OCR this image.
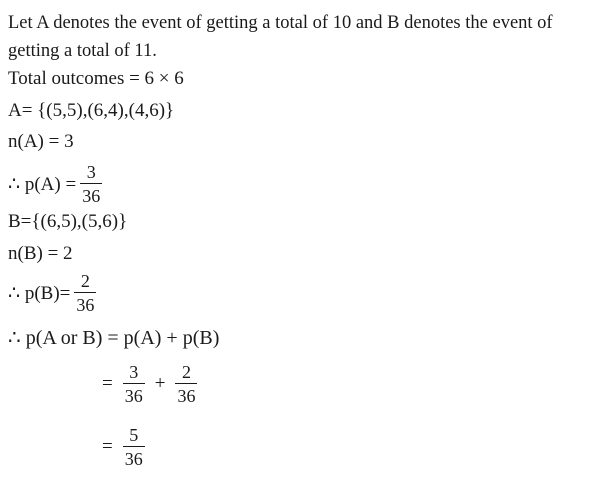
Let A denotes the event of getting a total of 10 and B denotes the event of
getting a total of 11.
Total outcomes = 6 × 6
A= {(5,5),(6,4),(4,6)}
n(A) = 3
∴ $p(A) = \frac{3}{36}$
B={(6,5),(5,6)}
n(B) = 2
∴ $p(B)= \frac{2}{36}$
∴ p(A or B) = p(A) + p(B)
= $\frac{3}{36} + \frac{2}{36}$
= $\frac{5}{36}$
